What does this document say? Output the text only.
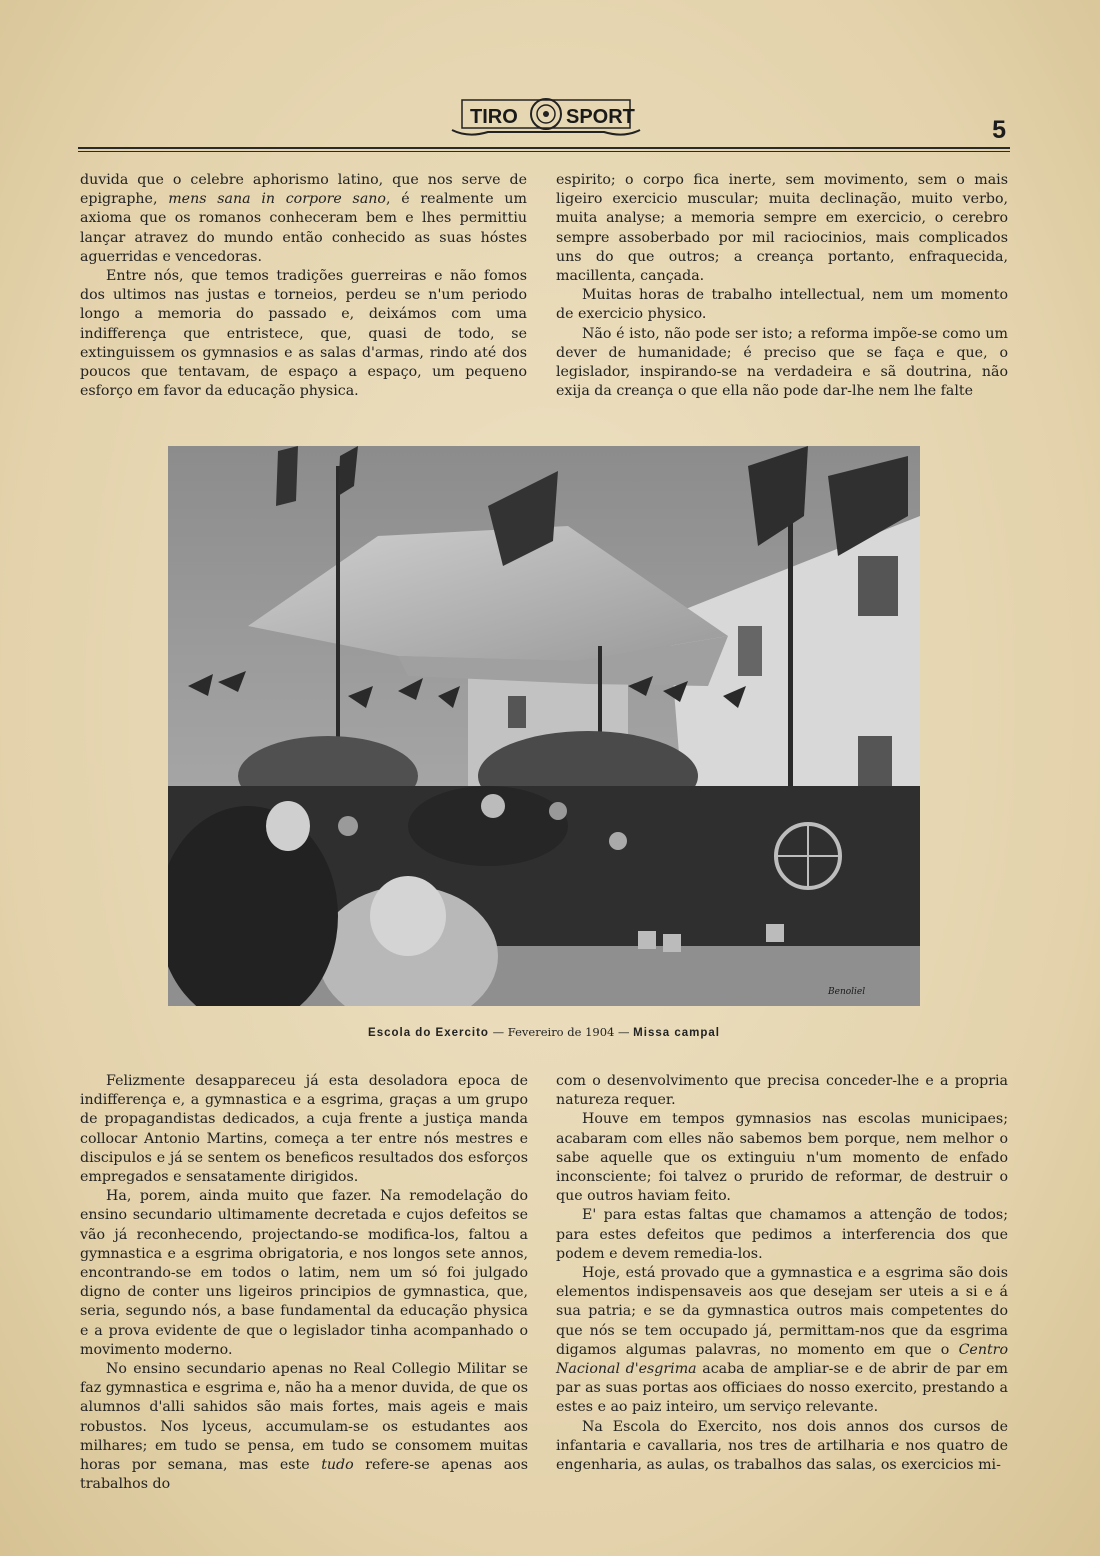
TIRO SPORT	5

duvida que o celebre aphorismo latino, que nos serve de epigraphe, mens sana in corpore sano, é realmente um axioma que os romanos conheceram bem e lhes permittiu lançar atravez do mundo então conhecido as suas hóstes aguerridas e vencedoras.

Entre nós, que temos tradições guerreiras e não fomos dos ultimos nas justas e torneios, perdeu se n'um periodo longo a memoria do passado e, deixámos com uma indifferença que entristece, que, quasi de todo, se extinguissem os gymnasios e as salas d'armas, rindo até dos poucos que tentavam, de espaço a espaço, um pequeno esforço em favor da educação physica.

espirito; o corpo fica inerte, sem movimento, sem o mais ligeiro exercicio muscular; muita declinação, muito verbo, muita analyse; a memoria sempre em exercicio, o cerebro sempre assoberbado por mil raciocinios, mais complicados uns do que outros; a creança portanto, enfraquecida, macillenta, cançada.

Muitas horas de trabalho intellectual, nem um momento de exercicio physico.

Não é isto, não pode ser isto; a reforma impõe-se como um dever de humanidade; é preciso que se faça e que, o legislador, inspirando-se na verdadeira e sã doutrina, não exija da creança o que ella não pode dar-lhe nem lhe falte

Benoliel
Escola do Exercito — Fevereiro de 1904 — Missa campal

Felizmente desappareceu já esta desoladora epoca de indifferença e, a gymnastica e a esgrima, graças a um grupo de propagandistas dedicados, a cuja frente a justiça manda collocar Antonio Martins, começa a ter entre nós mestres e discipulos e já se sentem os beneficos resultados dos esforços empregados e sensatamente dirigidos.

Ha, porem, ainda muito que fazer. Na remodelação do ensino secundario ultimamente decretada e cujos defeitos se vão já reconhecendo, projectando-se modifica-los, faltou a gymnastica e a esgrima obrigatoria, e nos longos sete annos, encontrando-se em todos o latim, nem um só foi julgado digno de conter uns ligeiros principios de gymnastica, que, seria, segundo nós, a base fundamental da educação physica e a prova evidente de que o legislador tinha acompanhado o movimento moderno.

No ensino secundario apenas no Real Collegio Militar se faz gymnastica e esgrima e, não ha a menor duvida, de que os alumnos d'alli sahidos são mais fortes, mais ageis e mais robustos. Nos lyceus, accumulam-se os estudantes aos milhares; em tudo se pensa, em tudo se consomem muitas horas por semana, mas este tudo refere-se apenas aos trabalhos do

com o desenvolvimento que precisa conceder-lhe e a propria natureza requer.

Houve em tempos gymnasios nas escolas municipaes; acabaram com elles não sabemos bem porque, nem melhor o sabe aquelle que os extinguiu n'um momento de enfado inconsciente; foi talvez o prurido de reformar, de destruir o que outros haviam feito.

E' para estas faltas que chamamos a attenção de todos; para estes defeitos que pedimos a interferencia dos que podem e devem remedia-los.

Hoje, está provado que a gymnastica e a esgrima são dois elementos indispensaveis aos que desejam ser uteis a si e á sua patria; e se da gymnastica outros mais competentes do que nós se tem occupado já, permittam-nos que da esgrima digamos algumas palavras, no momento em que o Centro Nacional d'esgrima acaba de ampliar-se e de abrir de par em par as suas portas aos officiaes do nosso exercito, prestando a estes e ao paiz inteiro, um serviço relevante.

Na Escola do Exercito, nos dois annos dos cursos de infantaria e cavallaria, nos tres de artilharia e nos quatro de engenharia, as aulas, os trabalhos das salas, os exercicios mi-
